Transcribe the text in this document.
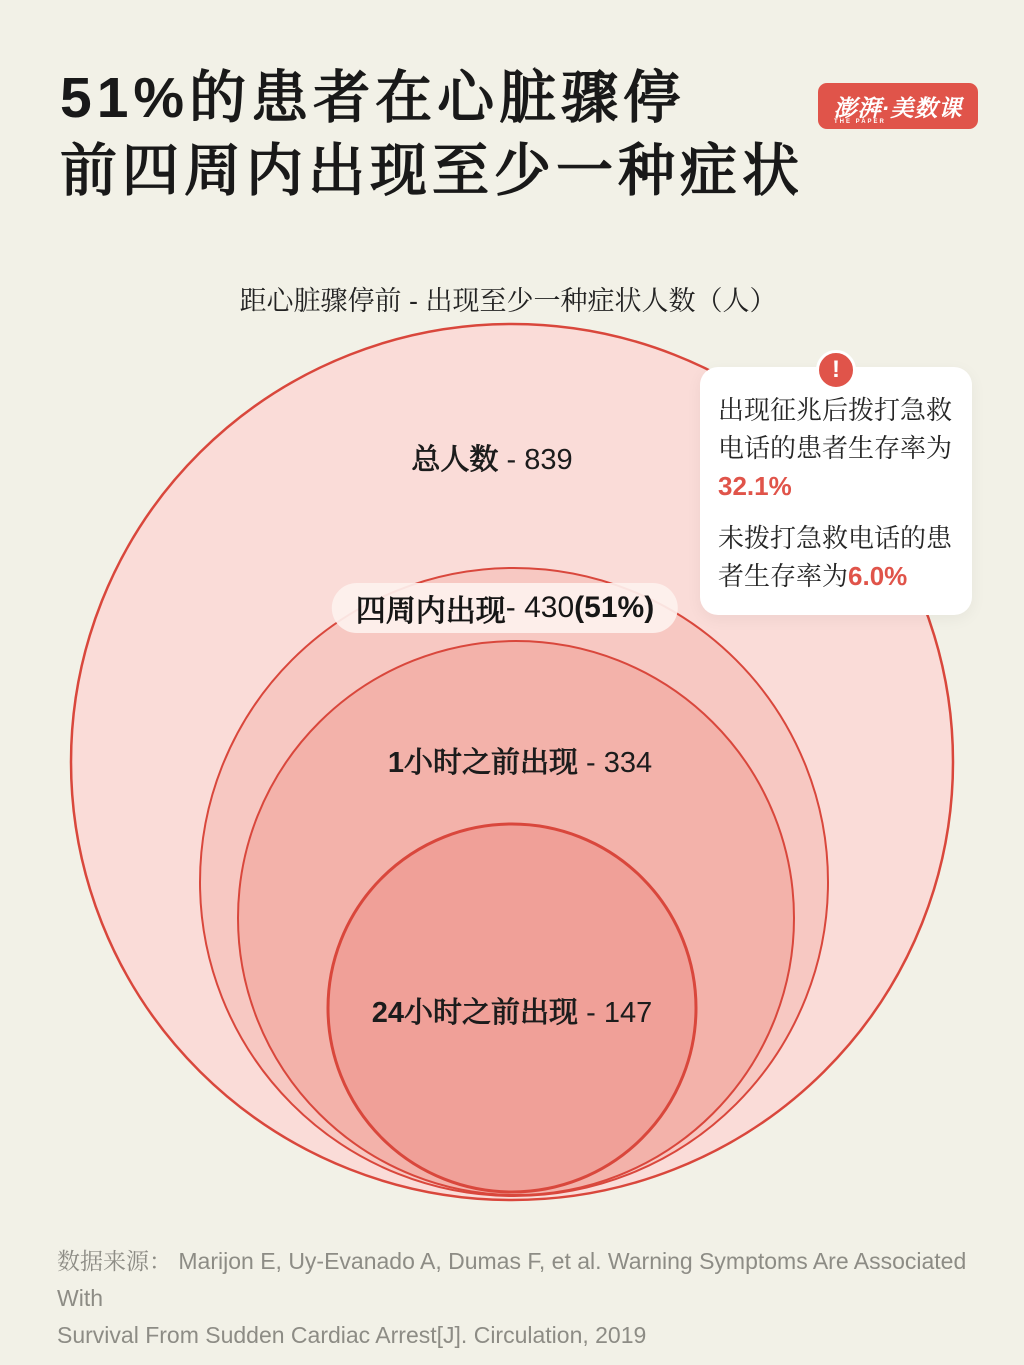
51%的患者在心脏骤停
前四周内出现至少一种症状
澎湃·美数课
THE PAPER
距心脏骤停前 - 出现至少一种症状人数（人）
总人数 - 839
四周内出现 - 430 (51%)
1小时之前出现 - 334
24小时之前出现 - 147
!
出现征兆后拨打急救
电话的患者生存率为
32.1%
未拨打急救电话的患
者生存率为6.0%
数据来源： Marijon E, Uy-Evanado A, Dumas F, et al. Warning Symptoms Are Associated With
Survival From Sudden Cardiac Arrest[J]. Circulation, 2019
